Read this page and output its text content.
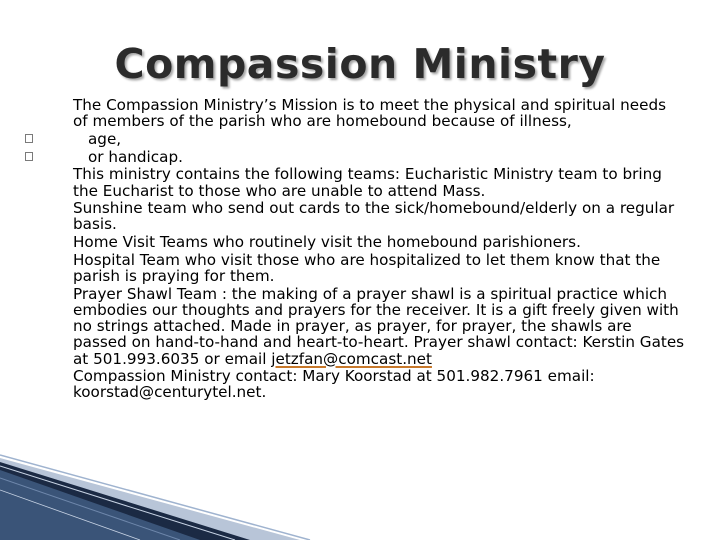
Compassion Ministry

The Compassion Ministry’s Mission is to meet the physical and spiritual needs of members of the parish who are homebound because of illness,

age,
or handicap.

This ministry contains the following teams: Eucharistic Ministry team to bring the Eucharist to those who are unable to attend Mass.

Sunshine team who send out cards to the sick/homebound/elderly on a regular basis.

Home Visit Teams who routinely visit the homebound parishioners.

Hospital Team who visit those who are hospitalized to let them know that the parish is praying for them.

Prayer Shawl Team : the making of a prayer shawl is a spiritual practice which embodies our thoughts and prayers for the receiver. It is a gift freely given with no strings attached. Made in prayer, as prayer, for prayer, the shawls are passed on hand-to-hand and heart-to-heart. Prayer shawl contact: Kerstin Gates at 501.993.6035 or email jetzfan@comcast.net

Compassion Ministry contact: Mary Koorstad at 501.982.7961 email: koorstad@centurytel.net.
